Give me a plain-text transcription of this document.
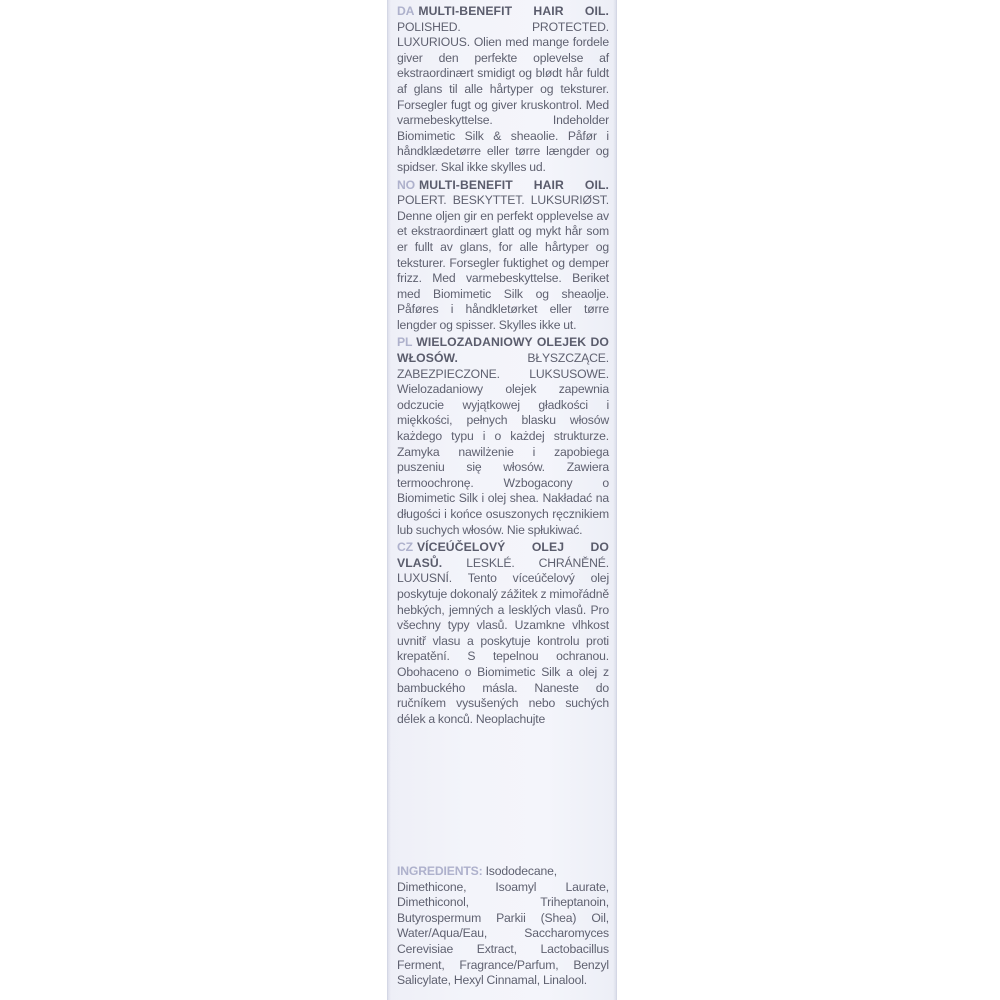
DA MULTI-BENEFIT HAIR OIL. POLISHED. PROTECTED. LUXURIOUS. Olien med mange fordele giver den perfekte oplevelse af ekstraordinært smidigt og blødt hår fuldt af glans til alle hårtyper og teksturer. Forsegler fugt og giver kruskontrol. Med varmebeskyttelse. Indeholder Biomimetic Silk & sheaolie. Påfør i håndklædetørre eller tørre længder og spidser. Skal ikke skylles ud.
NO MULTI-BENEFIT HAIR OIL. POLERT. BESKYTTET. LUKSURIØST. Denne oljen gir en perfekt opplevelse av et ekstraordinært glatt og mykt hår som er fullt av glans, for alle hårtyper og teksturer. Forsegler fuktighet og demper frizz. Med varmebeskyttelse. Beriket med Biomimetic Silk og sheaolje. Påføres i håndkletørket eller tørre lengder og spisser. Skylles ikke ut.
PL WIELOZADANIOWY OLEJEK DO WŁOSÓW.	BŁYSZCZĄCE. ZABEZPIECZONE. LUKSUSOWE. Wielozadaniowy olejek zapewnia odczucie wyjątkowej gładkości i miękkości, pełnych blasku włosów każdego typu i o każdej strukturze. Zamyka nawilżenie i zapobiega puszeniu się włosów. Zawiera termoochronę. Wzbogacony o Biomimetic Silk i olej shea. Nakładać na długości i końce osuszonych ręcznikiem lub suchych włosów. Nie spłukiwać.
CZ VÍCEÚČELOVÝ OLEJ DO VLASŮ. LESKLÉ. CHRÁNĚNÉ. LUXUSNÍ. Tento víceúčelový olej poskytuje dokonalý zážitek z mimořádně hebkých, jemných a lesklých vlasů. Pro všechny typy vlasů. Uzamkne vlhkost uvnitř vlasu a poskytuje kontrolu proti krepatění. S tepelnou ochranou. Obohaceno o Biomimetic Silk a olej z bambuckého másla. Naneste do ručníkem vysušených nebo suchých délek a konců. Neoplachujte
INGREDIENTS: Isododecane, Dimethicone, Isoamyl Laurate, Dimethiconol, Triheptanoin, Butyrospermum Parkii (Shea) Oil, Water/Aqua/Eau, Saccharomyces Cerevisiae Extract, Lactobacillus Ferment, Fragrance/Parfum, Benzyl Salicylate, Hexyl Cinnamal, Linalool.
